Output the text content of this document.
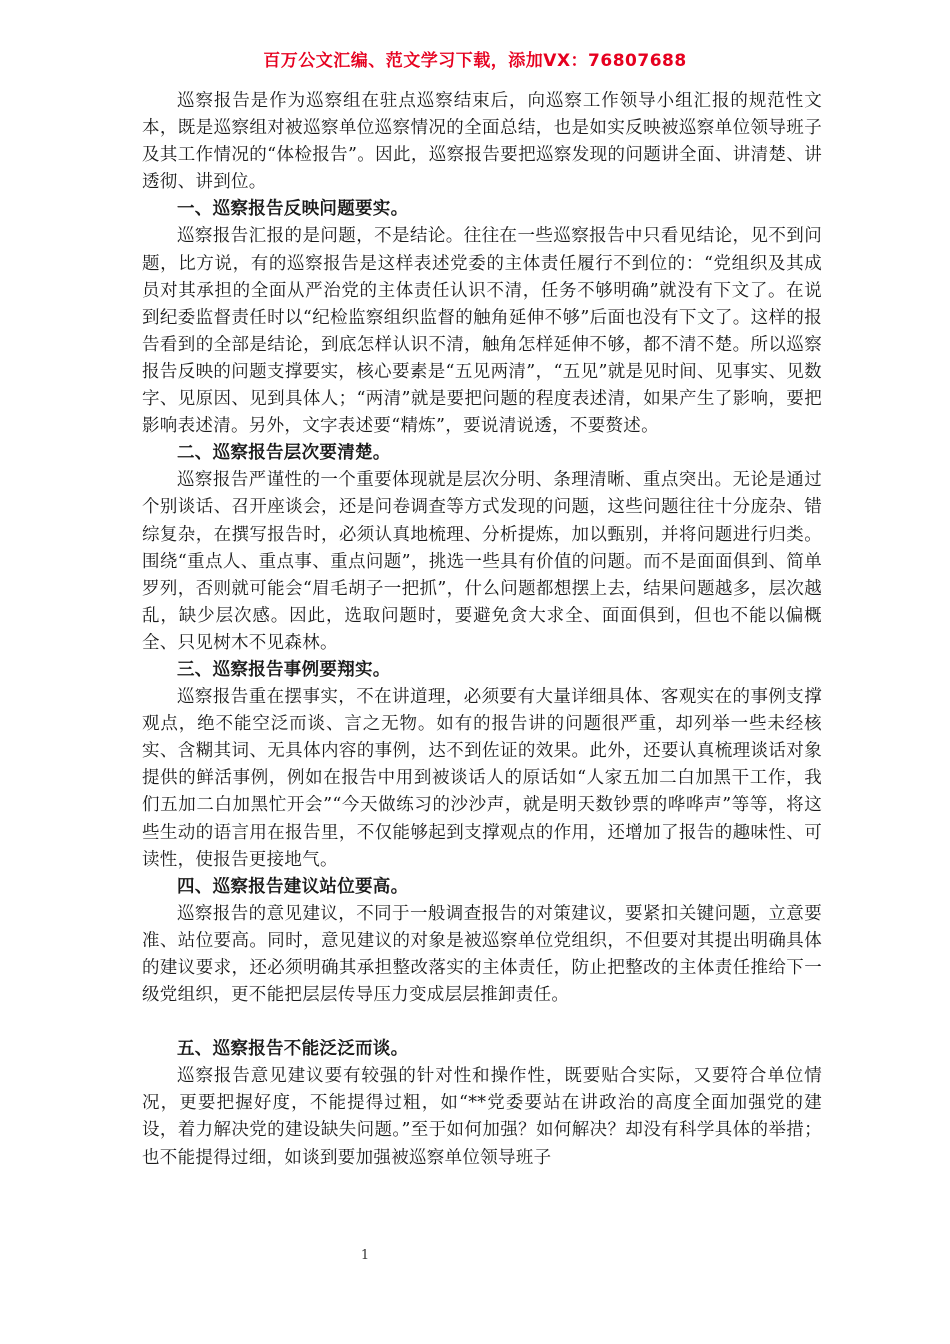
百万公文汇编、范文学习下载，添加VX：76807688

巡察报告是作为巡察组在驻点巡察结束后，向巡察工作领导小组汇报的规范性文本，既是巡察组对被巡察单位巡察情况的全面总结，也是如实反映被巡察单位领导班子及其工作情况的“体检报告”。因此，巡察报告要把巡察发现的问题讲全面、讲清楚、讲透彻、讲到位。

一、巡察报告反映问题要实。

巡察报告汇报的是问题，不是结论。往往在一些巡察报告中只看见结论，见不到问题，比方说，有的巡察报告是这样表述党委的主体责任履行不到位的：“党组织及其成员对其承担的全面从严治党的主体责任认识不清，任务不够明确”就没有下文了。在说到纪委监督责任时以“纪检监察组织监督的触角延伸不够”后面也没有下文了。这样的报告看到的全部是结论，到底怎样认识不清，触角怎样延伸不够，都不清不楚。所以巡察报告反映的问题支撑要实，核心要素是“五见两清”，“五见”就是见时间、见事实、见数字、见原因、见到具体人；“两清”就是要把问题的程度表述清，如果产生了影响，要把影响表述清。另外，文字表述要“精炼”，要说清说透，不要赘述。

二、巡察报告层次要清楚。

巡察报告严谨性的一个重要体现就是层次分明、条理清晰、重点突出。无论是通过个别谈话、召开座谈会，还是问卷调查等方式发现的问题，这些问题往往十分庞杂、错综复杂，在撰写报告时，必须认真地梳理、分析提炼，加以甄别，并将问题进行归类。围绕“重点人、重点事、重点问题”，挑选一些具有价值的问题。而不是面面俱到、简单罗列，否则就可能会“眉毛胡子一把抓”，什么问题都想摆上去，结果问题越多，层次越乱，缺少层次感。因此，选取问题时，要避免贪大求全、面面俱到，但也不能以偏概全、只见树木不见森林。

三、巡察报告事例要翔实。

巡察报告重在摆事实，不在讲道理，必须要有大量详细具体、客观实在的事例支撑观点，绝不能空泛而谈、言之无物。如有的报告讲的问题很严重，却列举一些未经核实、含糊其词、无具体内容的事例，达不到佐证的效果。此外，还要认真梳理谈话对象提供的鲜活事例，例如在报告中用到被谈话人的原话如“人家五加二白加黑干工作，我们五加二白加黑忙开会”“今天做练习的沙沙声，就是明天数钞票的哗哗声”等等，将这些生动的语言用在报告里，不仅能够起到支撑观点的作用，还增加了报告的趣味性、可读性，使报告更接地气。

四、巡察报告建议站位要高。

巡察报告的意见建议，不同于一般调查报告的对策建议，要紧扣关键问题，立意要准、站位要高。同时，意见建议的对象是被巡察单位党组织，不但要对其提出明确具体的建议要求，还必须明确其承担整改落实的主体责任，防止把整改的主体责任推给下一级党组织，更不能把层层传导压力变成层层推卸责任。

五、巡察报告不能泛泛而谈。

巡察报告意见建议要有较强的针对性和操作性，既要贴合实际，又要符合单位情况，更要把握好度，不能提得过粗，如“**党委要站在讲政治的高度全面加强党的建设，着力解决党的建设缺失问题。”至于如何加强？如何解决？却没有科学具体的举措；也不能提得过细，如谈到要加强被巡察单位领导班子

1
